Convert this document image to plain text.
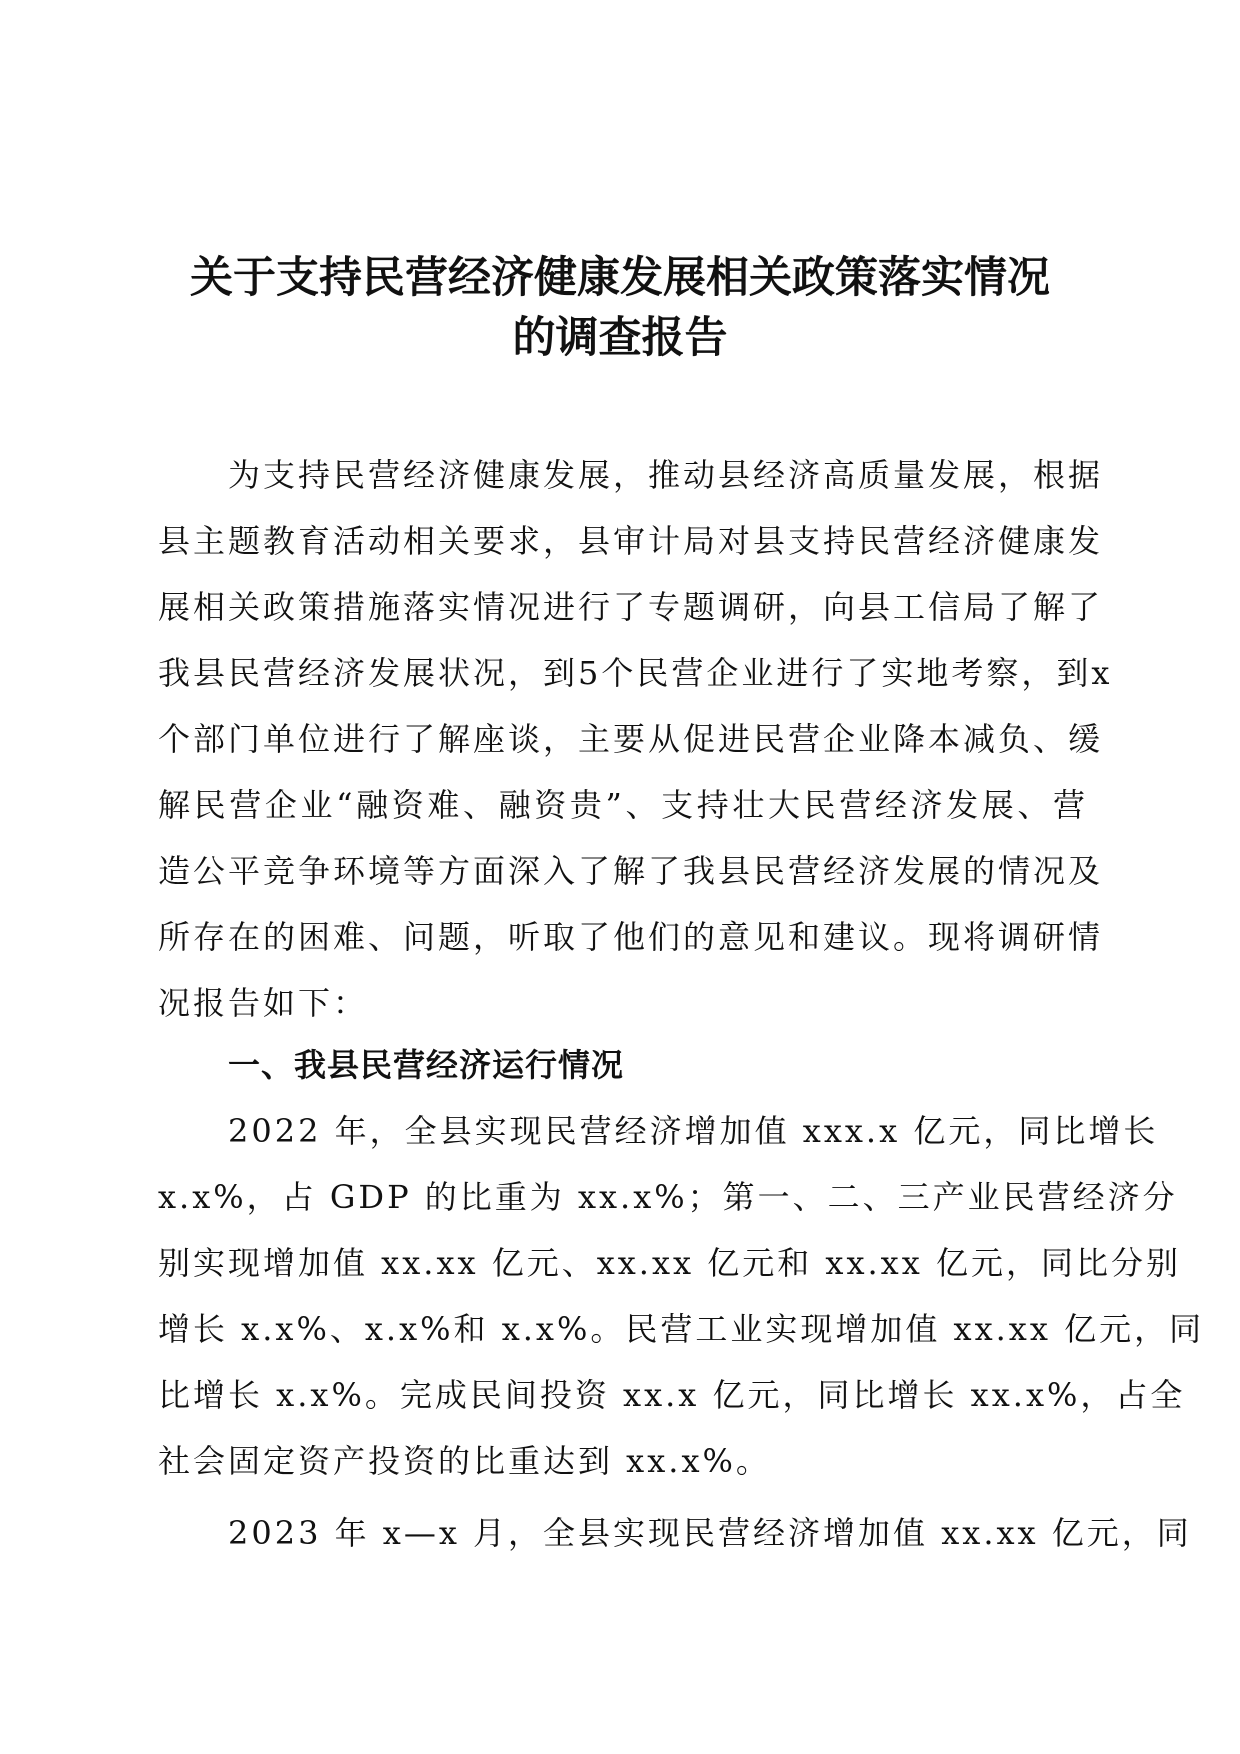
关于支持民营经济健康发展相关政策落实情况
的调查报告

为支持民营经济健康发展，推动县经济高质量发展，根据
县主题教育活动相关要求，县审计局对县支持民营经济健康发
展相关政策措施落实情况进行了专题调研，向县工信局了解了
我县民营经济发展状况，到5个民营企业进行了实地考察，到x
个部门单位进行了解座谈，主要从促进民营企业降本减负、缓
解民营企业“融资难、融资贵”、支持壮大民营经济发展、营
造公平竞争环境等方面深入了解了我县民营经济发展的情况及
所存在的困难、问题，听取了他们的意见和建议。现将调研情
况报告如下：

一、我县民营经济运行情况

2022 年，全县实现民营经济增加值 xxx.x 亿元，同比增长
x.x%，占 GDP 的比重为 xx.x%；第一、二、三产业民营经济分
别实现增加值 xx.xx 亿元、xx.xx 亿元和 xx.xx 亿元，同比分别
增长 x.x%、x.x%和 x.x%。民营工业实现增加值 xx.xx 亿元，同
比增长 x.x%。完成民间投资 xx.x 亿元，同比增长 xx.x%，占全
社会固定资产投资的比重达到 xx.x%。

2023 年 x—x 月，全县实现民营经济增加值 xx.xx 亿元，同
